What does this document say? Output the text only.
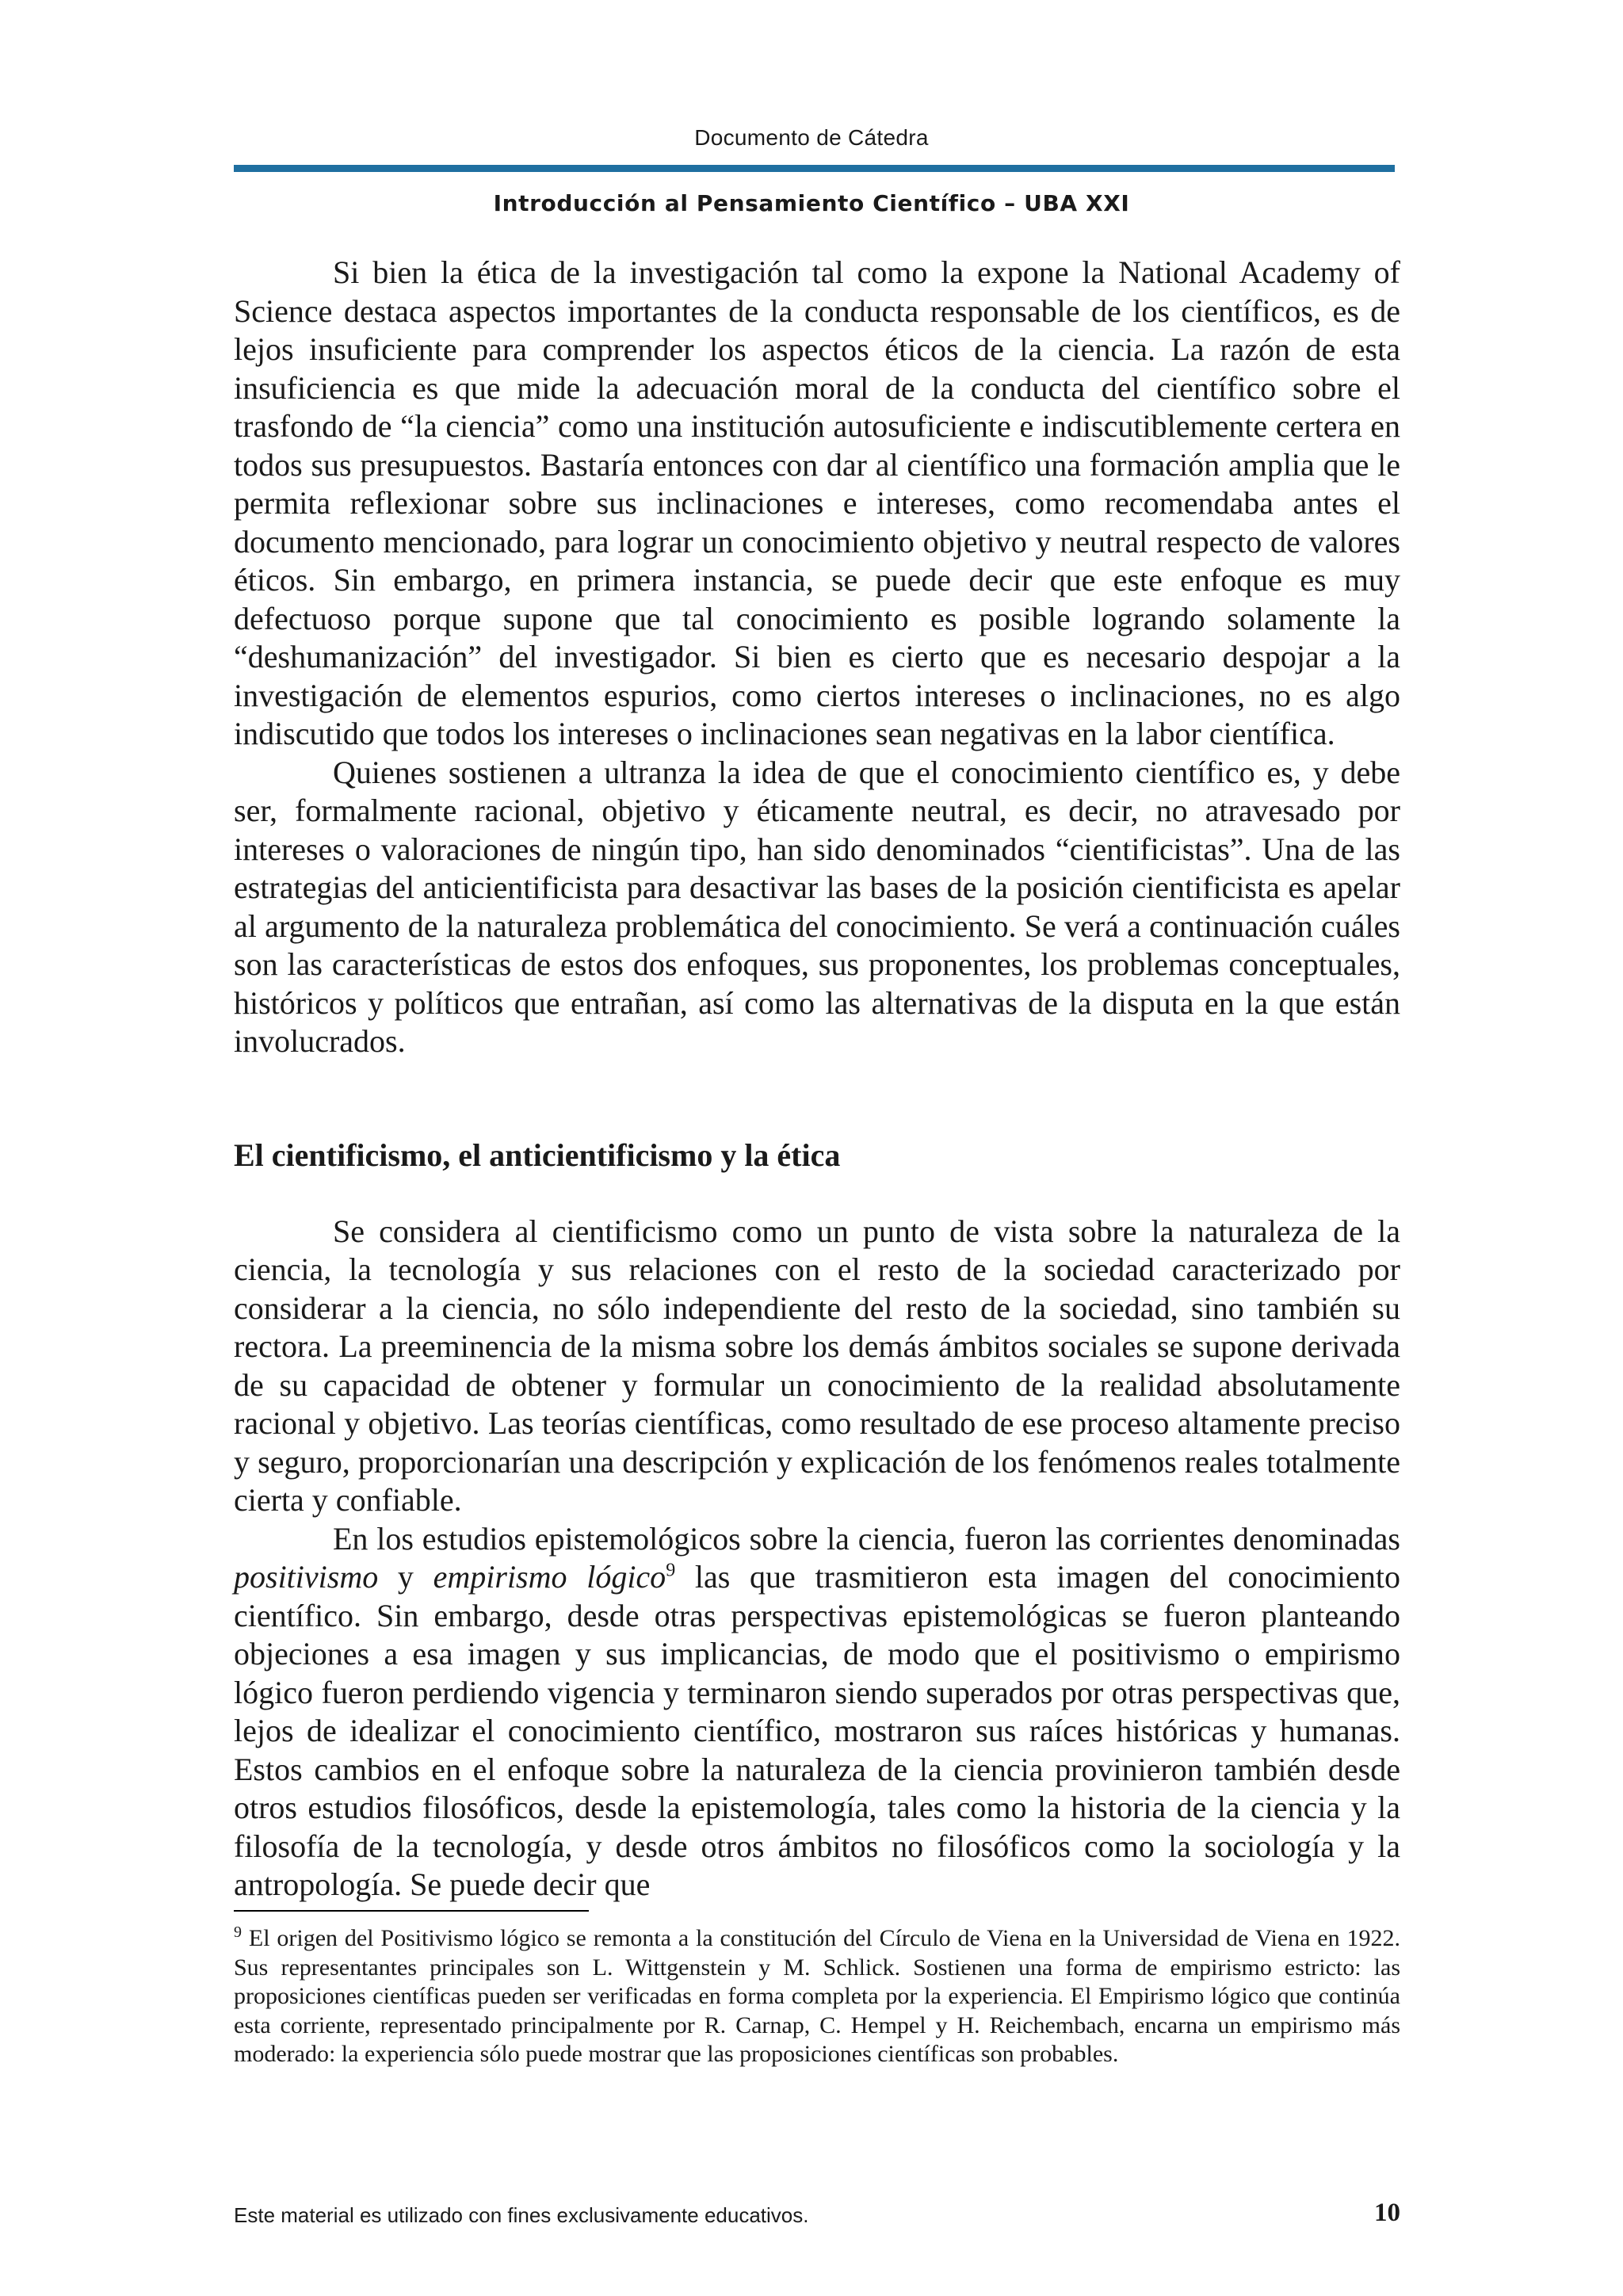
Documento de Cátedra
Introducción al Pensamiento Científico – UBA XXI

Si bien la ética de la investigación tal como la expone la National Academy of Science destaca aspectos importantes de la conducta responsable de los científicos, es de lejos insuficiente para comprender los aspectos éticos de la ciencia. La razón de esta insuficiencia es que mide la adecuación moral de la conducta del científico sobre el trasfondo de “la ciencia” como una institución autosuficiente e indiscutiblemente certera en todos sus presupuestos. Bastaría entonces con dar al científico una formación amplia que le permita reflexionar sobre sus inclinaciones e intereses, como recomendaba antes el documento mencionado, para lograr un conocimiento objetivo y neutral respecto de valores éticos. Sin embargo, en primera instancia, se puede decir que este enfoque es muy defectuoso porque supone que tal conocimiento es posible logrando solamente la “deshumanización” del investigador. Si bien es cierto que es necesario despojar a la investigación de elementos espurios, como ciertos intereses o inclinaciones, no es algo indiscutido que todos los intereses o inclinaciones sean negativas en la labor científica.

Quienes sostienen a ultranza la idea de que el conocimiento científico es, y debe ser, formalmente racional, objetivo y éticamente neutral, es decir, no atravesado por intereses o valoraciones de ningún tipo, han sido denominados “cientificistas”. Una de las estrategias del anticientificista para desactivar las bases de la posición cientificista es apelar al argumento de la naturaleza problemática del conocimiento. Se verá a continuación cuáles son las características de estos dos enfoques, sus proponentes, los problemas conceptuales, históricos y políticos que entrañan, así como las alternativas de la disputa en la que están involucrados.

El cientificismo, el anticientificismo y la ética

Se considera al cientificismo como un punto de vista sobre la naturaleza de la ciencia, la tecnología y sus relaciones con el resto de la sociedad caracterizado por considerar a la ciencia, no sólo independiente del resto de la sociedad, sino también su rectora. La preeminencia de la misma sobre los demás ámbitos sociales se supone derivada de su capacidad de obtener y formular un conocimiento de la realidad absolutamente racional y objetivo. Las teorías científicas, como resultado de ese proceso altamente preciso y seguro, proporcionarían una descripción y explicación de los fenómenos reales totalmente cierta y confiable.

En los estudios epistemológicos sobre la ciencia, fueron las corrientes denominadas positivismo y empirismo lógico$^9$ las que trasmitieron esta imagen del conocimiento científico. Sin embargo, desde otras perspectivas epistemológicas se fueron planteando objeciones a esa imagen y sus implicancias, de modo que el positivismo o empirismo lógico fueron perdiendo vigencia y terminaron siendo superados por otras perspectivas que, lejos de idealizar el conocimiento científico, mostraron sus raíces históricas y humanas. Estos cambios en el enfoque sobre la naturaleza de la ciencia provinieron también desde otros estudios filosóficos, desde la epistemología, tales como la historia de la ciencia y la filosofía de la tecnología, y desde otros ámbitos no filosóficos como la sociología y la antropología. Se puede decir que

$^9$ El origen del Positivismo lógico se remonta a la constitución del Círculo de Viena en la Universidad de Viena en 1922. Sus representantes principales son L. Wittgenstein y M. Schlick. Sostienen una forma de empirismo estricto: las proposiciones científicas pueden ser verificadas en forma completa por la experiencia. El Empirismo lógico que continúa esta corriente, representado principalmente por R. Carnap, C. Hempel y H. Reichembach, encarna un empirismo más moderado: la experiencia sólo puede mostrar que las proposiciones científicas son probables.
Este material es utilizado con fines exclusivamente educativos.	10
